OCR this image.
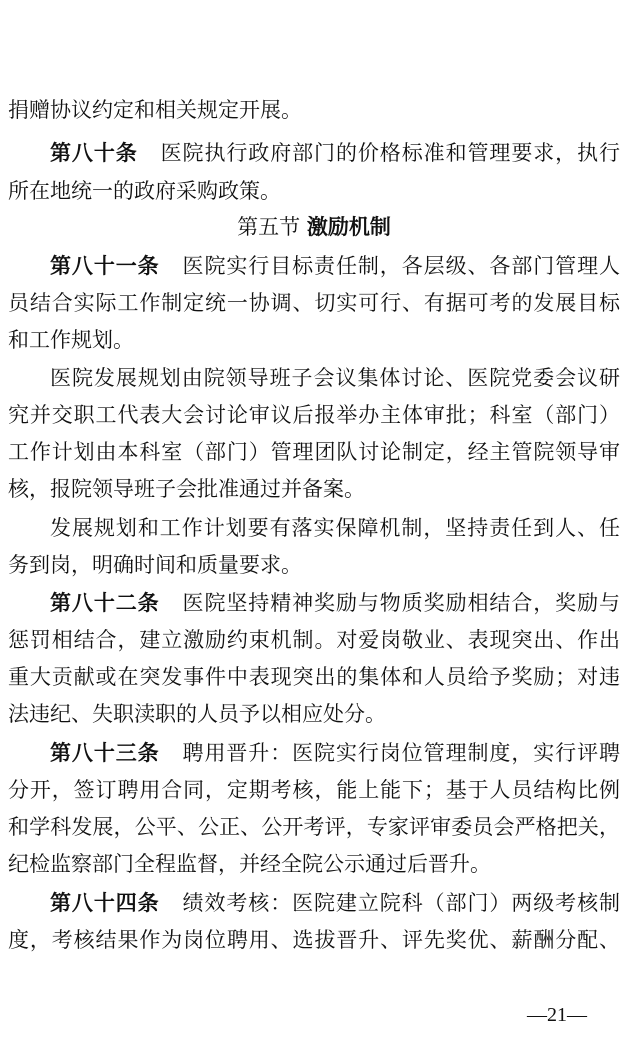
捐赠协议约定和相关规定开展。
第八十条 医院执行政府部门的价格标准和管理要求，执行
所在地统一的政府采购政策。
第五节 激励机制
第八十一条 医院实行目标责任制，各层级、各部门管理人
员结合实际工作制定统一协调、切实可行、有据可考的发展目标
和工作规划。
医院发展规划由院领导班子会议集体讨论、医院党委会议研
究并交职工代表大会讨论审议后报举办主体审批；科室（部门）
工作计划由本科室（部门）管理团队讨论制定，经主管院领导审
核，报院领导班子会批准通过并备案。
发展规划和工作计划要有落实保障机制，坚持责任到人、任
务到岗，明确时间和质量要求。
第八十二条 医院坚持精神奖励与物质奖励相结合，奖励与
惩罚相结合，建立激励约束机制。对爱岗敬业、表现突出、作出
重大贡献或在突发事件中表现突出的集体和人员给予奖励；对违
法违纪、失职渎职的人员予以相应处分。
第八十三条 聘用晋升：医院实行岗位管理制度，实行评聘
分开，签订聘用合同，定期考核，能上能下；基于人员结构比例
和学科发展，公平、公正、公开考评，专家评审委员会严格把关，
纪检监察部门全程监督，并经全院公示通过后晋升。
第八十四条 绩效考核：医院建立院科（部门）两级考核制
度，考核结果作为岗位聘用、选拔晋升、评先奖优、薪酬分配、
—21—
